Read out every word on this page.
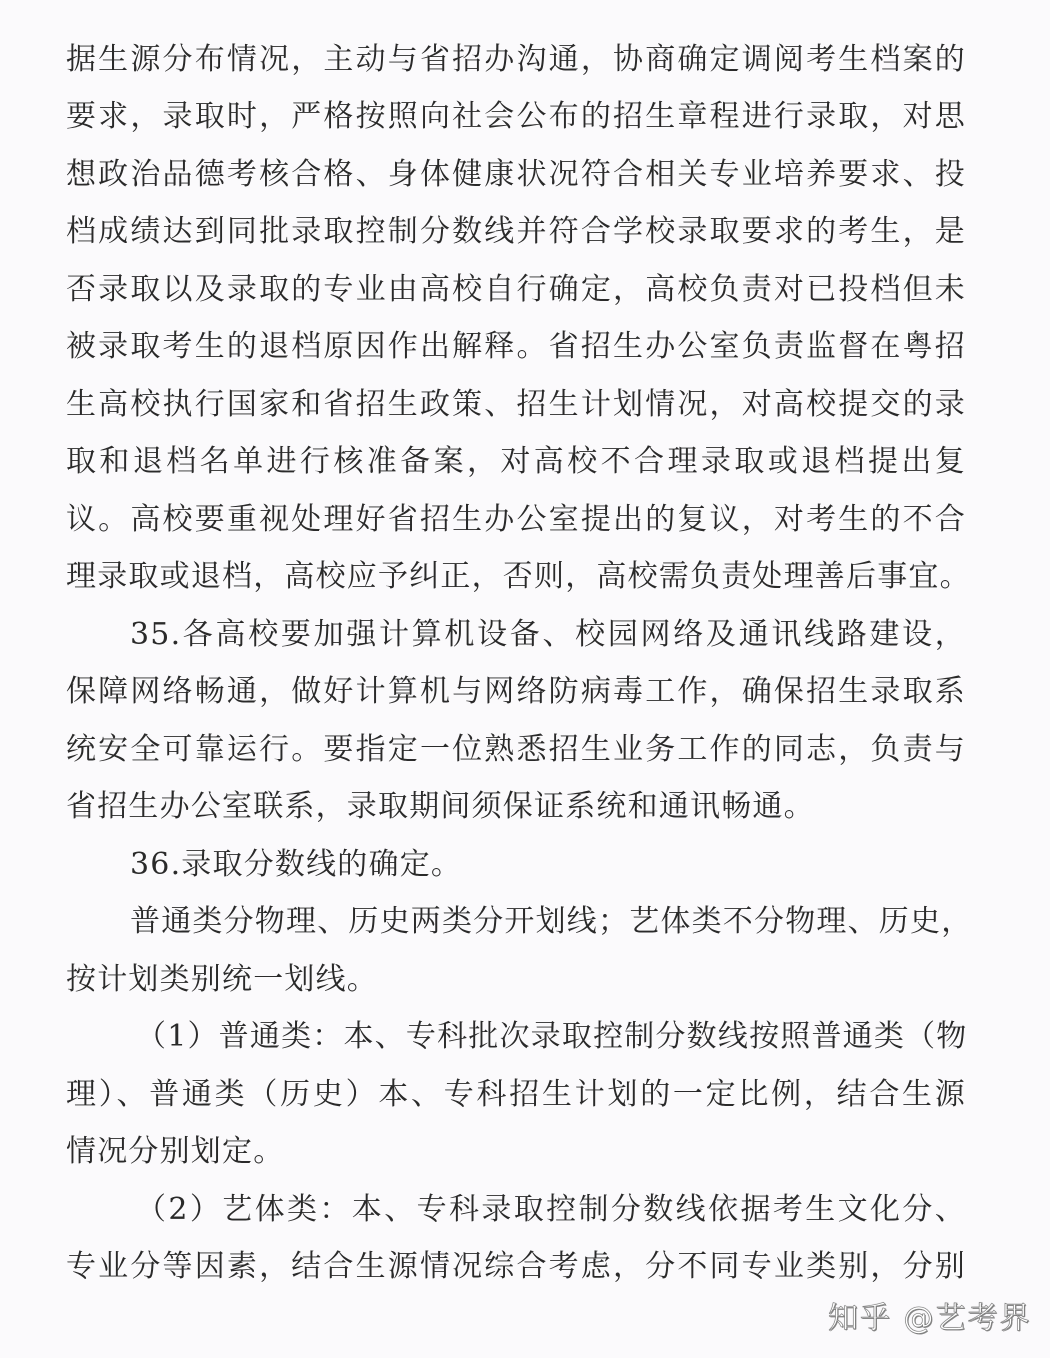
据生源分布情况，主动与省招办沟通，协商确定调阅考生档案的
要求，录取时，严格按照向社会公布的招生章程进行录取，对思
想政治品德考核合格、身体健康状况符合相关专业培养要求、投
档成绩达到同批录取控制分数线并符合学校录取要求的考生，是
否录取以及录取的专业由高校自行确定，高校负责对已投档但未
被录取考生的退档原因作出解释。省招生办公室负责监督在粤招
生高校执行国家和省招生政策、招生计划情况，对高校提交的录
取和退档名单进行核准备案，对高校不合理录取或退档提出复
议。高校要重视处理好省招生办公室提出的复议，对考生的不合
理录取或退档，高校应予纠正，否则，高校需负责处理善后事宜。
35.各高校要加强计算机设备、校园网络及通讯线路建设，
保障网络畅通，做好计算机与网络防病毒工作，确保招生录取系
统安全可靠运行。要指定一位熟悉招生业务工作的同志，负责与
省招生办公室联系，录取期间须保证系统和通讯畅通。
36.录取分数线的确定。
普通类分物理、历史两类分开划线；艺体类不分物理、历史，
按计划类别统一划线。
（1）普通类：本、专科批次录取控制分数线按照普通类（物
理）、普通类（历史）本、专科招生计划的一定比例，结合生源
情况分别划定。
（2）艺体类：本、专科录取控制分数线依据考生文化分、
专业分等因素，结合生源情况综合考虑，分不同专业类别，分别
知乎 @艺考界
